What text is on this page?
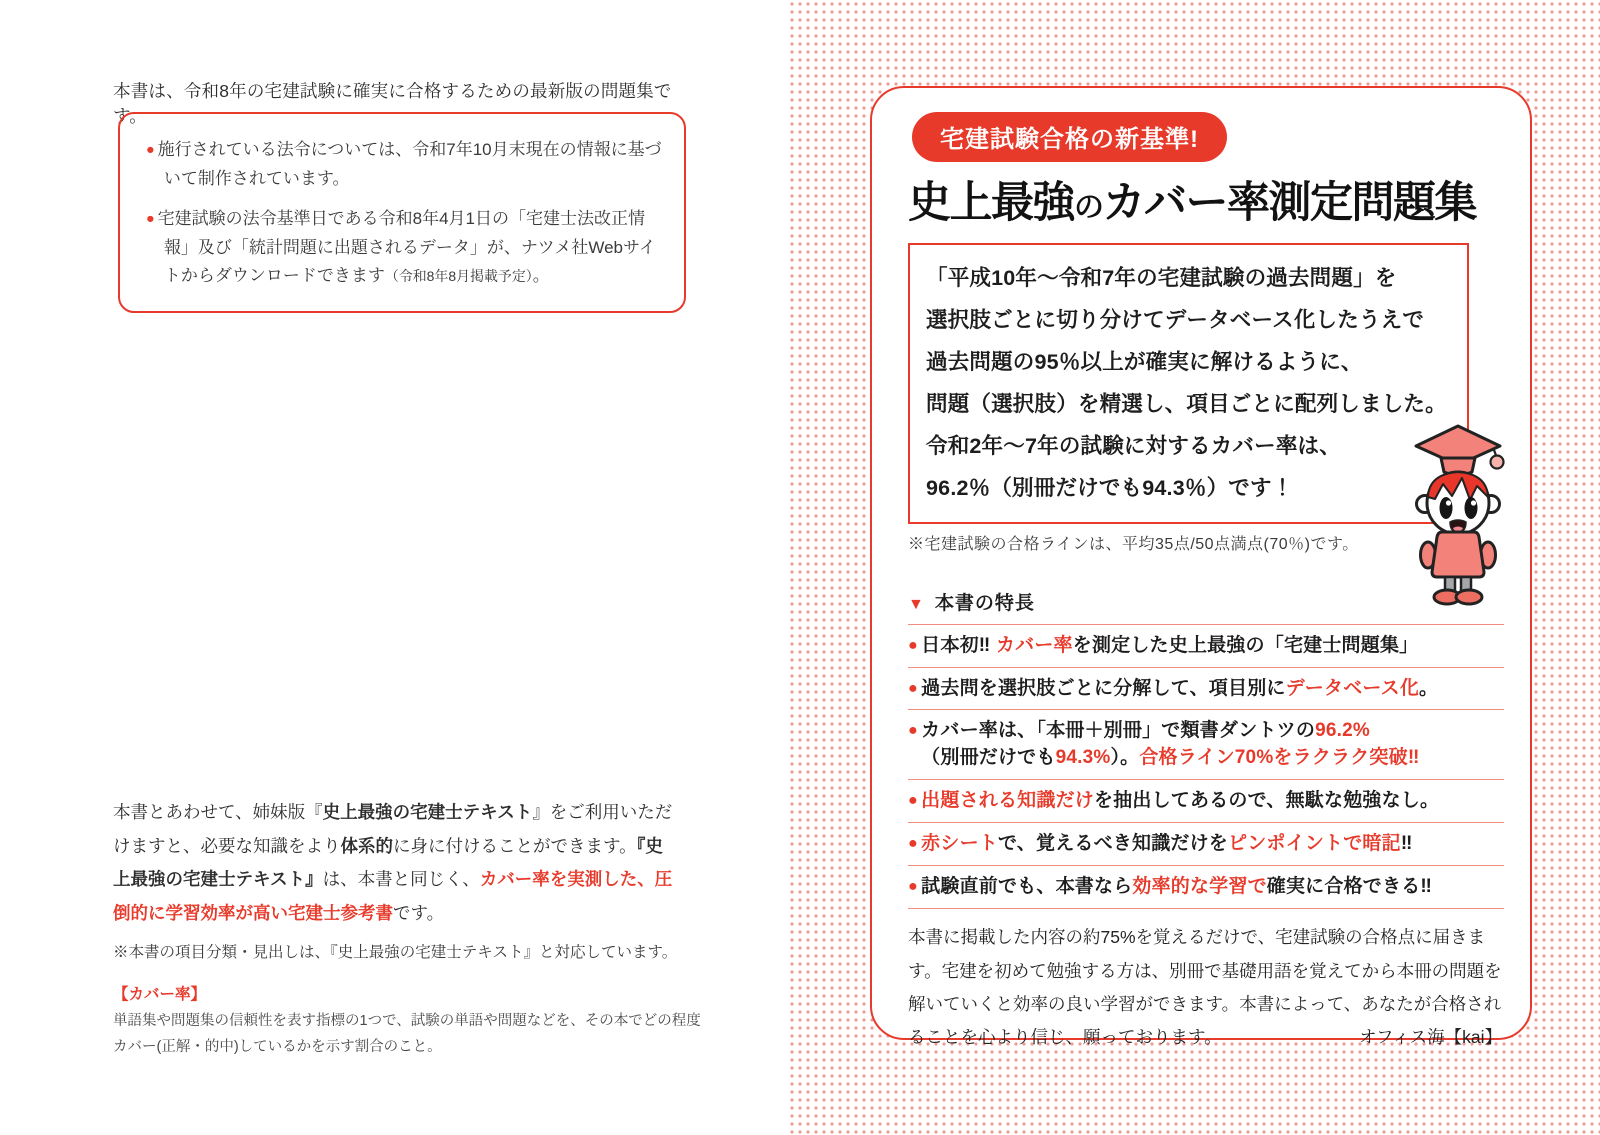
本書は、令和8年の宅建試験に確実に合格するための最新版の問題集です。
● 施行されている法令については、令和7年10月末現在の情報に基づいて制作されています。
● 宅建試験の法令基準日である令和8年4月1日の「宅建士法改正情報」及び「統計問題に出題されるデータ」が、ナツメ社Webサイトからダウンロードできます（令和8年8月掲載予定）。
本書とあわせて、姉妹版『史上最強の宅建士テキスト』をご利用いただけますと、必要な知識をより体系的に身に付けることができます。『史上最強の宅建士テキスト』は、本書と同じく、カバー率を実測した、圧倒的に学習効率が高い宅建士参考書です。
※本書の項目分類・見出しは、『史上最強の宅建士テキスト』と対応しています。
【カバー率】
単語集や問題集の信頼性を表す指標の1つで、試験の単語や問題などを、その本でどの程度カバー(正解・的中)しているかを示す割合のこと。
宅建試験合格の新基準!
史上最強のカバー率測定問題集
「平成10年～令和7年の宅建試験の過去問題」を
選択肢ごとに切り分けてデータベース化したうえで
過去問題の95％以上が確実に解けるように、
問題（選択肢）を精選し、項目ごとに配列しました。
令和2年～7年の試験に対するカバー率は、
96.2％（別冊だけでも94.3％）です！
※宅建試験の合格ラインは、平均35点/50点満点(70％)です。
▼ 本書の特長
● 日本初‼ カバー率を測定した史上最強の「宅建士問題集」
● 過去問を選択肢ごとに分解して、項目別にデータベース化。
● カバー率は、「本冊＋別冊」で類書ダントツの96.2%
（別冊だけでも94.3%）。合格ライン70%をラクラク突破‼
● 出題される知識だけを抽出してあるので、無駄な勉強なし。
● 赤シートで、覚えるべき知識だけをピンポイントで暗記‼
● 試験直前でも、本書なら効率的な学習で確実に合格できる‼
本書に掲載した内容の約75%を覚えるだけで、宅建試験の合格点に届きます。宅建を初めて勉強する方は、別冊で基礎用語を覚えてから本冊の問題を解いていくと効率の良い学習ができます。本書によって、あなたが合格されることを心より信じ、願っております。	オフィス海【kai】
